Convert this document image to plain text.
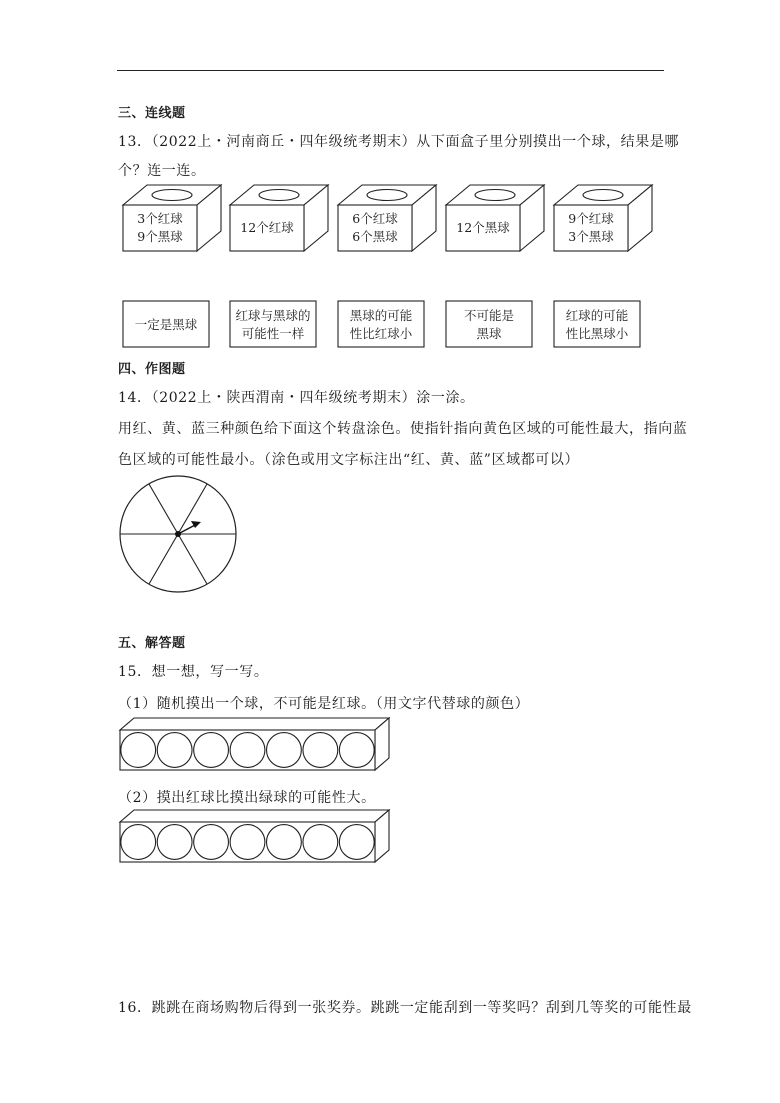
三、连线题
13．（2022上・河南商丘・四年级统考期末）从下面盒子里分别摸出一个球，结果是哪
个？连一连。
3个红球
9个黑球
12个红球
6个红球
6个黑球
12个黑球
9个红球
3个黑球
一定是黑球
红球与黑球的
可能性一样
黑球的可能
性比红球小
不可能是
黑球
红球的可能
性比黑球小
四、作图题
14．（2022上・陕西渭南・四年级统考期末）涂一涂。
用红、黄、蓝三种颜色给下面这个转盘涂色。使指针指向黄色区域的可能性最大，指向蓝
色区域的可能性最小。（涂色或用文字标注出“红、黄、蓝”区域都可以）
五、解答题
15．想一想，写一写。
（1）随机摸出一个球，不可能是红球。（用文字代替球的颜色）
（2）摸出红球比摸出绿球的可能性大。
16．跳跳在商场购物后得到一张奖券。跳跳一定能刮到一等奖吗？刮到几等奖的可能性最
